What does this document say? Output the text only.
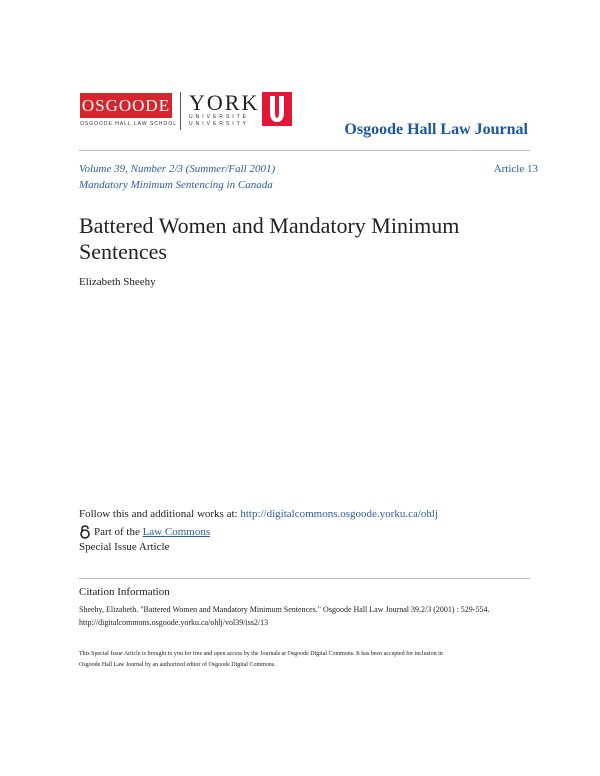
OSGOODE
OSGOODE HALL LAW SCHOOL
YORK
UNIVERSITÉ
UNIVERSITY	Osgoode Hall Law Journal
Volume 39, Number 2/3 (Summer/Fall 2001)
Mandatory Minimum Sentencing in Canada
Article 13
Battered Women and Mandatory Minimum Sentences
Elizabeth Sheehy
Follow this and additional works at: http://digitalcommons.osgoode.yorku.ca/ohlj
Part of the
Law Commons
Special Issue Article
Citation Information
Sheehy, Elizabeth. "Battered Women and Mandatory Minimum Sentences." Osgoode Hall Law Journal 39.2/3 (2001) : 529-554.
http://digitalcommons.osgoode.yorku.ca/ohlj/vol39/iss2/13
This Special Issue Article is brought to you for free and open access by the Journals at Osgoode Digital Commons. It has been accepted for inclusion in
Osgoode Hall Law Journal by an authorized editor of Osgoode Digital Commons.
